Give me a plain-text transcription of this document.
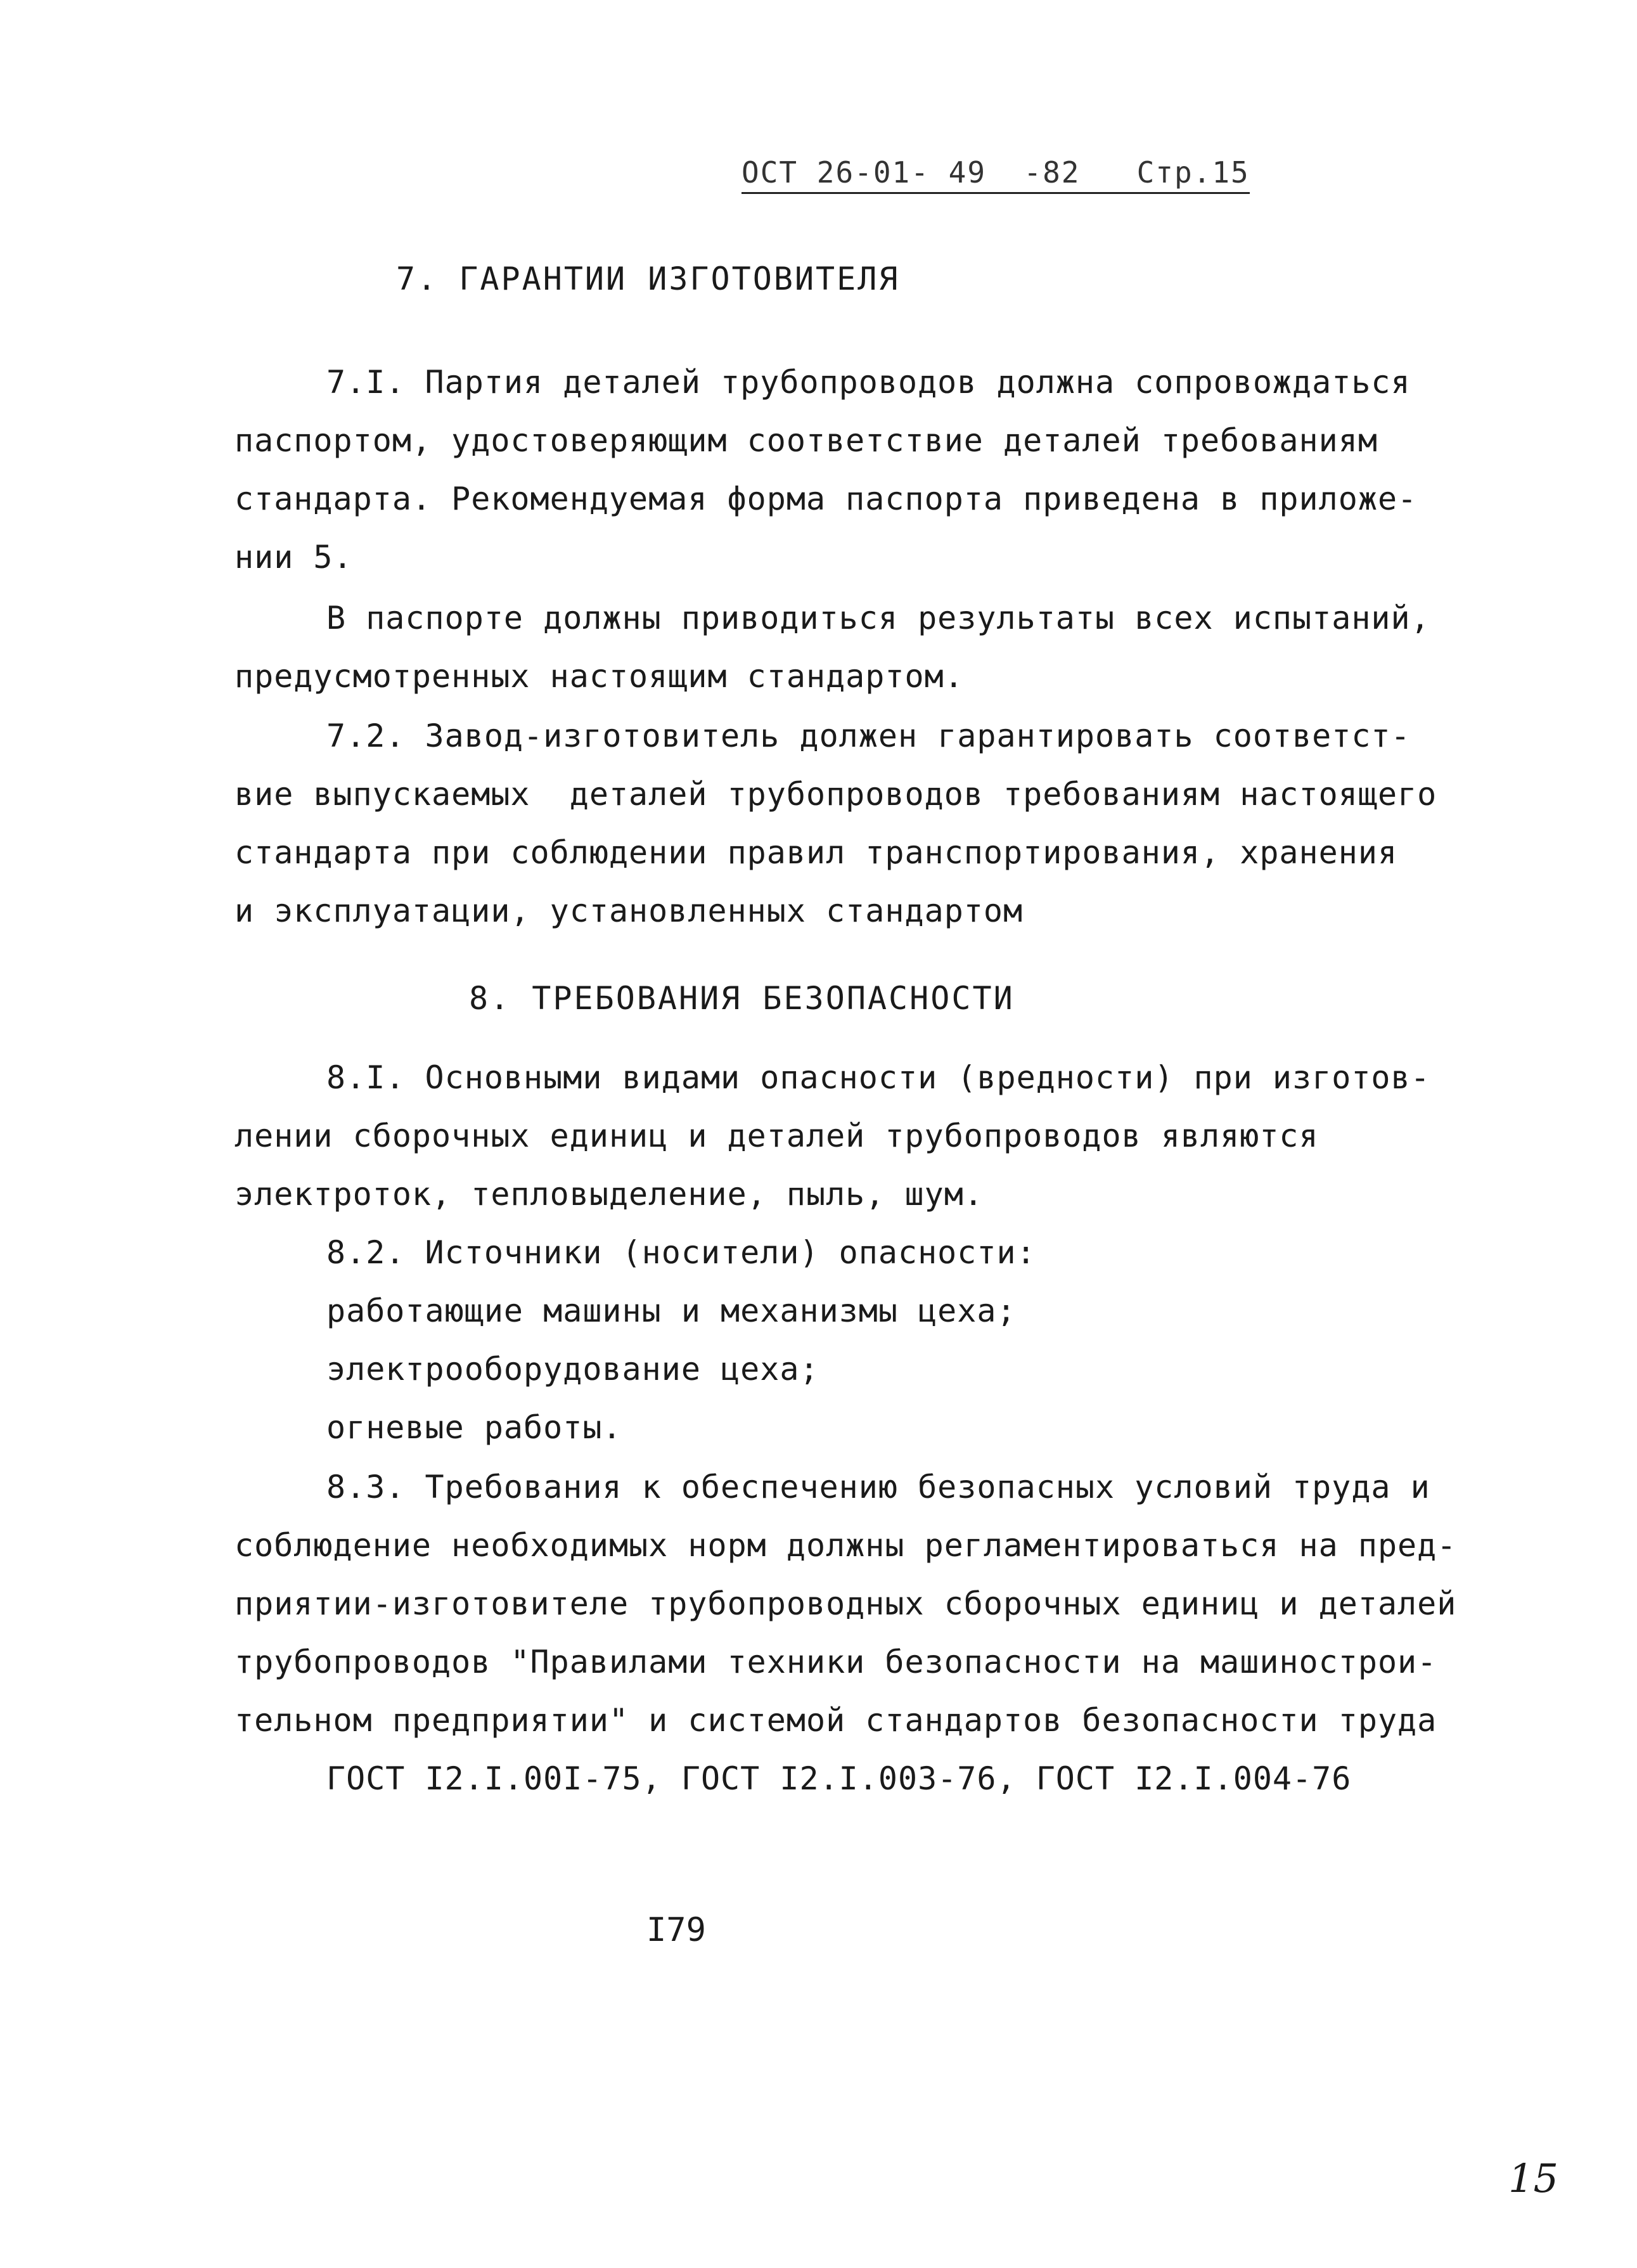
ОСТ 26-01- 49  -82   Стр.15
7. ГАРАНТИИ ИЗГОТОВИТЕЛЯ
7.I. Партия деталей трубопроводов должна сопровождаться
паспортом, удостоверяющим соответствие деталей требованиям
стандарта. Рекомендуемая форма паспорта приведена в приложе-
нии 5.
В паспорте должны приводиться результаты всех испытаний,
предусмотренных настоящим стандартом.
7.2. Завод-изготовитель должен гарантировать соответст-
вие выпускаемых  деталей трубопроводов требованиям настоящего
стандарта при соблюдении правил транспортирования, хранения
и эксплуатации, установленных стандартом
8. ТРЕБОВАНИЯ БЕЗОПАСНОСТИ
8.I. Основными видами опасности (вредности) при изготов-
лении сборочных единиц и деталей трубопроводов являются
электроток, тепловыделение, пыль, шум.
8.2. Источники (носители) опасности:
работающие машины и механизмы цеха;
электрооборудование цеха;
огневые работы.
8.3. Требования к обеспечению безопасных условий труда и
соблюдение необходимых норм должны регламентироваться на пред-
приятии-изготовителе трубопроводных сборочных единиц и деталей
трубопроводов "Правилами техники безопасности на машинострои-
тельном предприятии" и системой стандартов безопасности труда
ГОСТ I2.I.00I-75, ГОСТ I2.I.003-76, ГОСТ I2.I.004-76
I79
15
